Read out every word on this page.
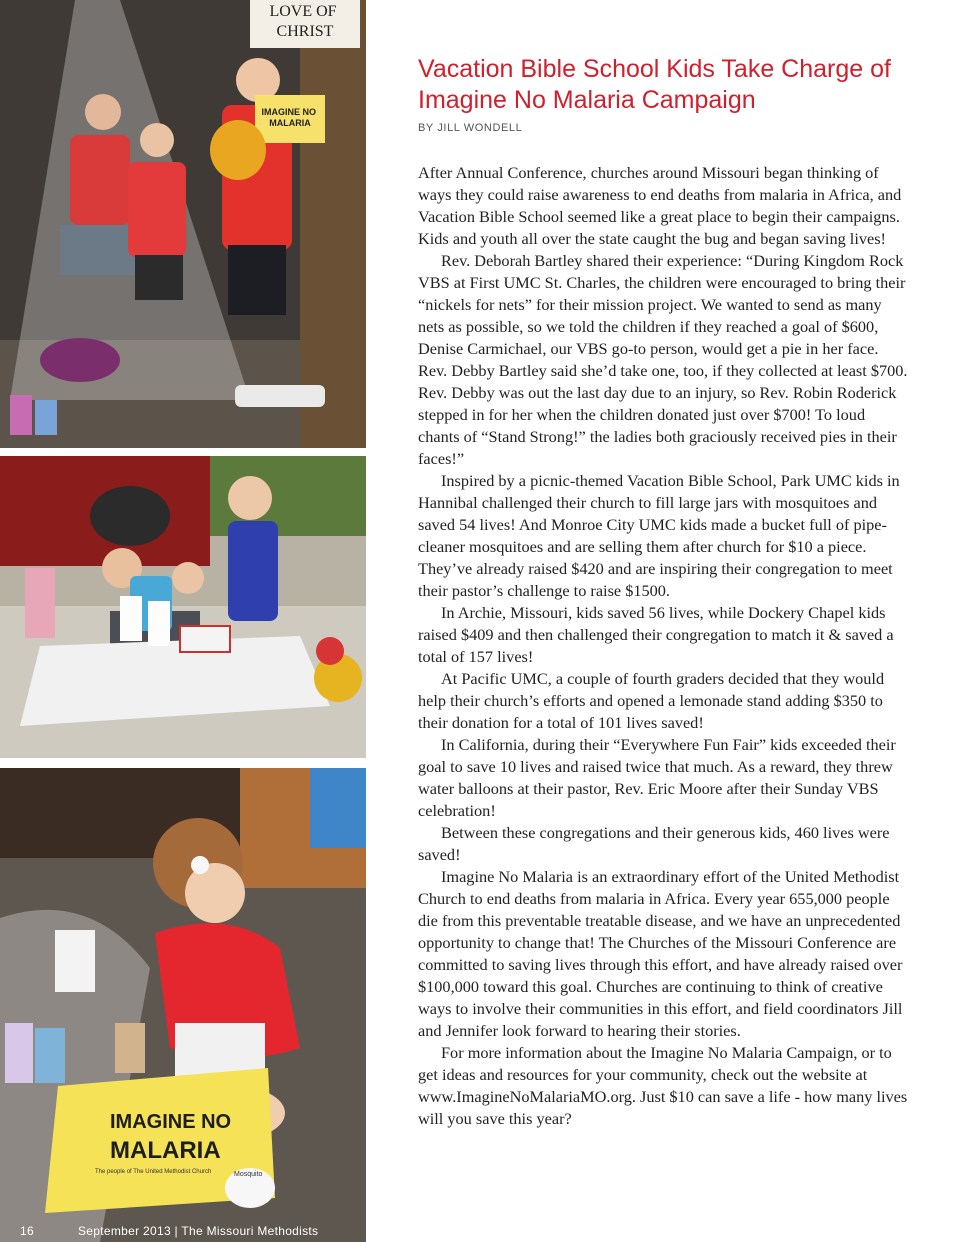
LOVE OF CHRIST
IMAGINE NO MALARIA
IMAGINE NO
MALARIA
The people of The United Methodist Church	Mosquito
16	September 2013 | The Missouri Methodists
Vacation Bible School Kids Take Charge of Imagine No Malaria Campaign
BY JILL WONDELL

After Annual Conference, churches around Missouri began thinking of ways they could raise awareness to end deaths from malaria in Africa, and Vacation Bible School seemed like a great place to begin their campaigns. Kids and youth all over the state caught the bug and began saving lives!

Rev. Deborah Bartley shared their experience: “During Kingdom Rock VBS at First UMC St. Charles, the children were encouraged to bring their “nickels for nets” for their mission project. We wanted to send as many nets as possible, so we told the children if they reached a goal of $600, Denise Carmichael, our VBS go-to person, would get a pie in her face. Rev. Debby Bartley said she’d take one, too, if they collected at least $700. Rev. Debby was out the last day due to an injury, so Rev. Robin Roderick stepped in for her when the children donated just over $700! To loud chants of “Stand Strong!” the ladies both graciously received pies in their faces!”

Inspired by a picnic-themed Vacation Bible School, Park UMC kids in Hannibal challenged their church to fill large jars with mosquitoes and saved 54 lives! And Monroe City UMC kids made a bucket full of pipe-cleaner mosquitoes and are selling them after church for $10 a piece. They’ve already raised $420 and are inspiring their congregation to meet their pastor’s challenge to raise $1500.

In Archie, Missouri, kids saved 56 lives, while Dockery Chapel kids raised $409 and then challenged their congregation to match it & saved a total of 157 lives!

At Pacific UMC, a couple of fourth graders decided that they would help their church’s efforts and opened a lemonade stand adding $350 to their donation for a total of 101 lives saved!

In California, during their “Everywhere Fun Fair” kids exceeded their goal to save 10 lives and raised twice that much. As a reward, they threw water balloons at their pastor, Rev. Eric Moore after their Sunday VBS celebration!

Between these congregations and their generous kids, 460 lives were saved!

Imagine No Malaria is an extraordinary effort of the United Methodist Church to end deaths from malaria in Africa. Every year 655,000 people die from this preventable treatable disease, and we have an unprecedented opportunity to change that! The Churches of the Missouri Conference are committed to saving lives through this effort, and have already raised over $100,000 toward this goal. Churches are continuing to think of creative ways to involve their communities in this effort, and field coordinators Jill and Jennifer look forward to hearing their stories.

For more information about the Imagine No Malaria Campaign, or to get ideas and resources for your community, check out the website at www.ImagineNoMalariaMO.org. Just $10 can save a life - how many lives will you save this year?
